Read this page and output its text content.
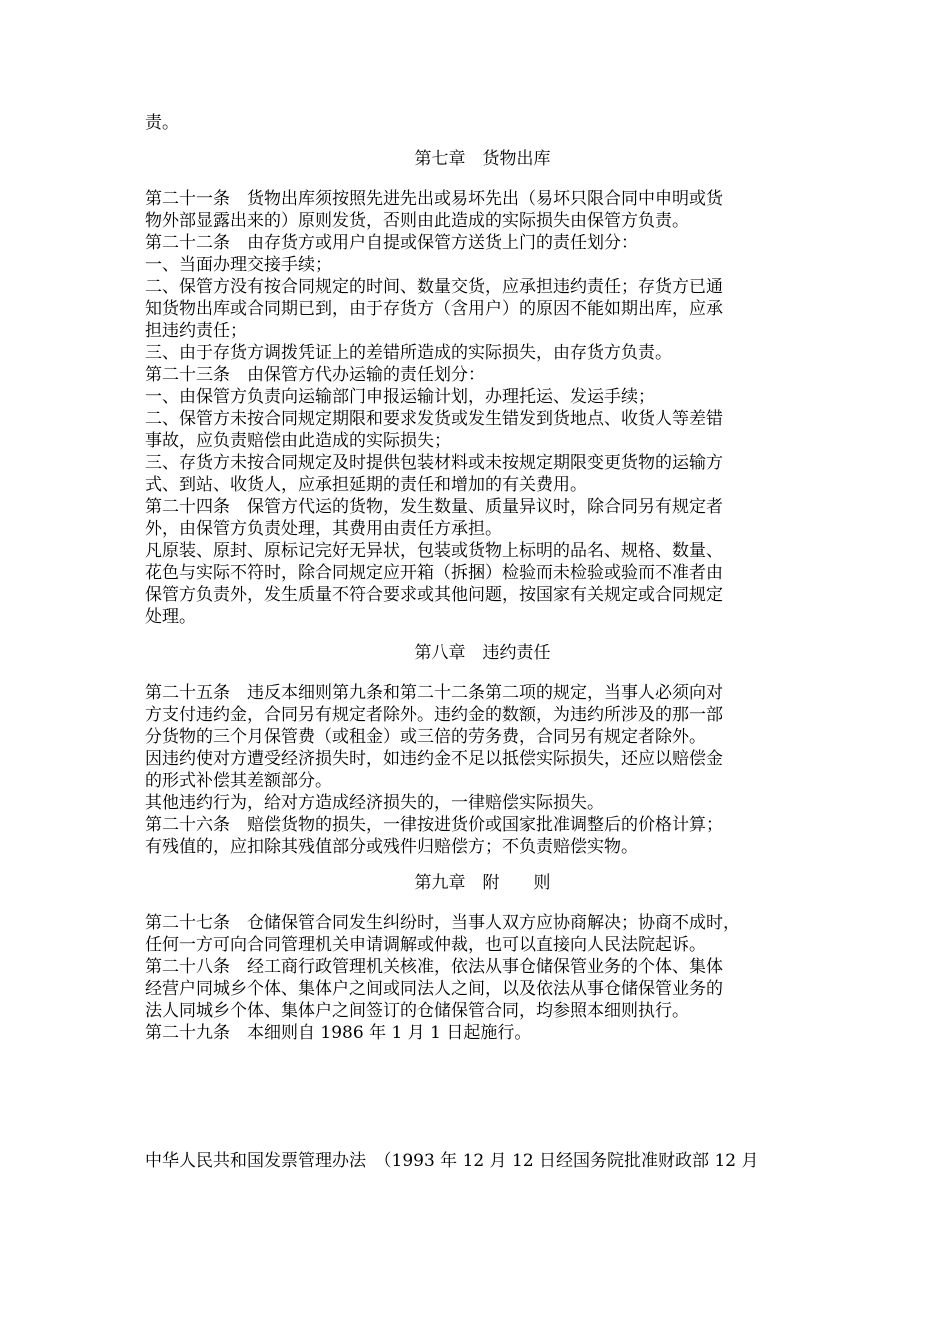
责。
第七章　货物出库
第二十一条　货物出库须按照先进先出或易坏先出（易坏只限合同中申明或货
物外部显露出来的）原则发货，否则由此造成的实际损失由保管方负责。
第二十二条　由存货方或用户自提或保管方送货上门的责任划分：
一、当面办理交接手续；
二、保管方没有按合同规定的时间、数量交货，应承担违约责任；存货方已通
知货物出库或合同期已到，由于存货方（含用户）的原因不能如期出库，应承
担违约责任；
三、由于存货方调拨凭证上的差错所造成的实际损失，由存货方负责。
第二十三条　由保管方代办运输的责任划分：
一、由保管方负责向运输部门申报运输计划，办理托运、发运手续；
二、保管方未按合同规定期限和要求发货或发生错发到货地点、收货人等差错
事故，应负责赔偿由此造成的实际损失；
三、存货方未按合同规定及时提供包装材料或未按规定期限变更货物的运输方
式、到站、收货人，应承担延期的责任和增加的有关费用。
第二十四条　保管方代运的货物，发生数量、质量异议时，除合同另有规定者
外，由保管方负责处理，其费用由责任方承担。
凡原装、原封、原标记完好无异状，包装或货物上标明的品名、规格、数量、
花色与实际不符时，除合同规定应开箱（拆捆）检验而未检验或验而不准者由
保管方负责外，发生质量不符合要求或其他问题，按国家有关规定或合同规定
处理。
第八章　违约责任
第二十五条　违反本细则第九条和第二十二条第二项的规定，当事人必须向对
方支付违约金，合同另有规定者除外。违约金的数额，为违约所涉及的那一部
分货物的三个月保管费（或租金）或三倍的劳务费，合同另有规定者除外。
因违约使对方遭受经济损失时，如违约金不足以抵偿实际损失，还应以赔偿金
的形式补偿其差额部分。
其他违约行为，给对方造成经济损失的，一律赔偿实际损失。
第二十六条　赔偿货物的损失，一律按进货价或国家批准调整后的价格计算；
有残值的，应扣除其残值部分或残件归赔偿方；不负责赔偿实物。
第九章　附　　则
第二十七条　仓储保管合同发生纠纷时，当事人双方应协商解决；协商不成时，
任何一方可向合同管理机关申请调解或仲裁，也可以直接向人民法院起诉。
第二十八条　经工商行政管理机关核准，依法从事仓储保管业务的个体、集体
经营户同城乡个体、集体户之间或同法人之间，以及依法从事仓储保管业务的
法人同城乡个体、集体户之间签订的仓储保管合同，均参照本细则执行。
第二十九条　本细则自 1986 年 1 月 1 日起施行。
中华人民共和国发票管理办法　（1993 年 12 月 12 日经国务院批准财政部 12 月
